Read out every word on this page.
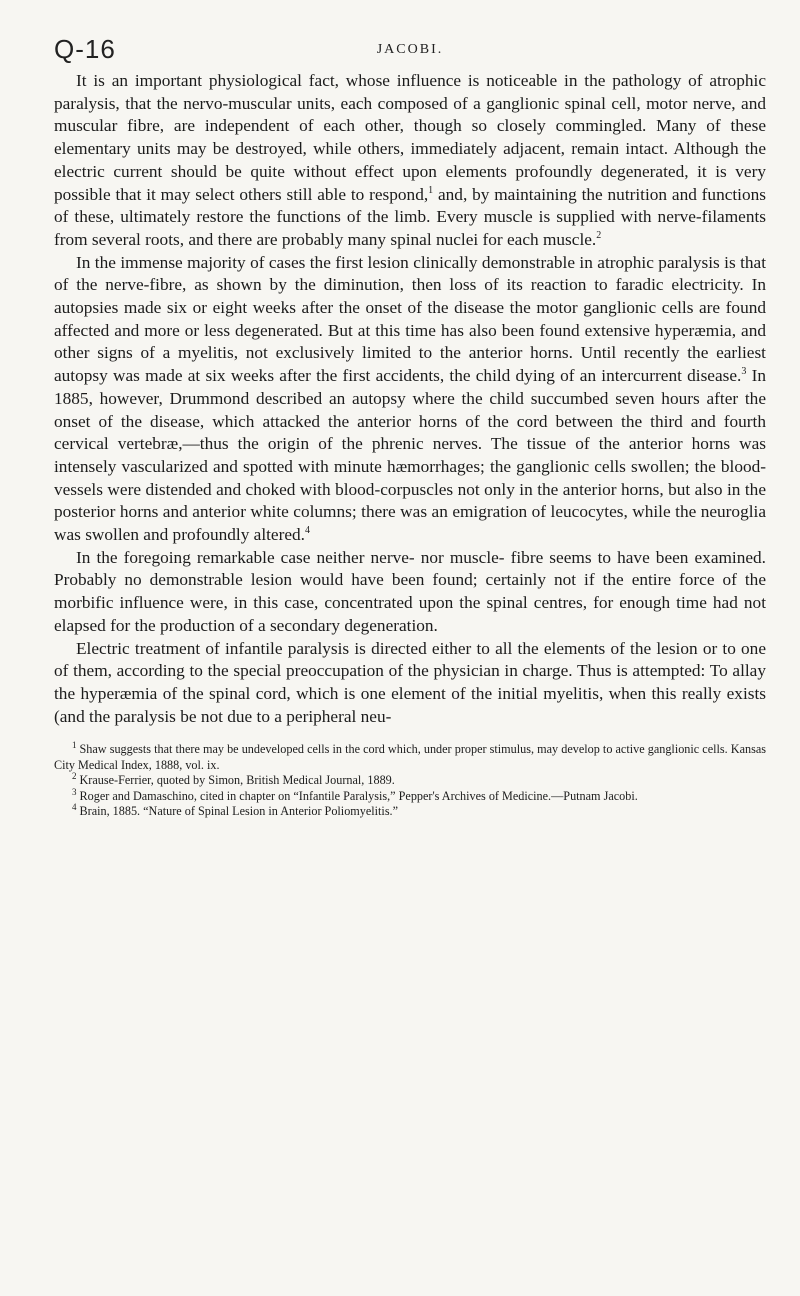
Q-16	JACOBI.

It is an important physiological fact, whose influence is noticeable in the pathology of atrophic paralysis, that the nervo-muscular units, each composed of a ganglionic spinal cell, motor nerve, and muscular fibre, are independent of each other, though so closely commingled. Many of these elementary units may be destroyed, while others, immediately adjacent, remain intact. Although the electric current should be quite without effect upon elements profoundly degenerated, it is very possible that it may select others still able to respond,$^1$ and, by maintaining the nutrition and functions of these, ultimately restore the functions of the limb. Every muscle is supplied with nerve-filaments from several roots, and there are probably many spinal nuclei for each muscle.$^2$

In the immense majority of cases the first lesion clinically demonstrable in atrophic paralysis is that of the nerve-fibre, as shown by the diminution, then loss of its reaction to faradic electricity. In autopsies made six or eight weeks after the onset of the disease the motor ganglionic cells are found affected and more or less degenerated. But at this time has also been found extensive hyperæmia, and other signs of a myelitis, not exclusively limited to the anterior horns. Until recently the earliest autopsy was made at six weeks after the first accidents, the child dying of an intercurrent disease.$^3$ In 1885, however, Drummond described an autopsy where the child succumbed seven hours after the onset of the disease, which attacked the anterior horns of the cord between the third and fourth cervical vertebræ,—thus the origin of the phrenic nerves. The tissue of the anterior horns was intensely vascularized and spotted with minute hæmorrhages; the ganglionic cells swollen; the blood-vessels were distended and choked with blood-corpuscles not only in the anterior horns, but also in the posterior horns and anterior white columns; there was an emigration of leucocytes, while the neuroglia was swollen and profoundly altered.$^4$

In the foregoing remarkable case neither nerve- nor muscle- fibre seems to have been examined. Probably no demonstrable lesion would have been found; certainly not if the entire force of the morbific influence were, in this case, concentrated upon the spinal centres, for enough time had not elapsed for the production of a secondary degeneration.

Electric treatment of infantile paralysis is directed either to all the elements of the lesion or to one of them, according to the special preoccupation of the physician in charge. Thus is attempted: To allay the hyperæmia of the spinal cord, which is one element of the initial myelitis, when this really exists (and the paralysis be not due to a peripheral neu-

$^1$ Shaw suggests that there may be undeveloped cells in the cord which, under proper stimulus, may develop to active ganglionic cells. Kansas City Medical Index, 1888, vol. ix.

$^2$ Krause-Ferrier, quoted by Simon, British Medical Journal, 1889.

$^3$ Roger and Damaschino, cited in chapter on “Infantile Paralysis,” Pepper's Archives of Medicine.—Putnam Jacobi.

$^4$ Brain, 1885. “Nature of Spinal Lesion in Anterior Poliomyelitis.”
